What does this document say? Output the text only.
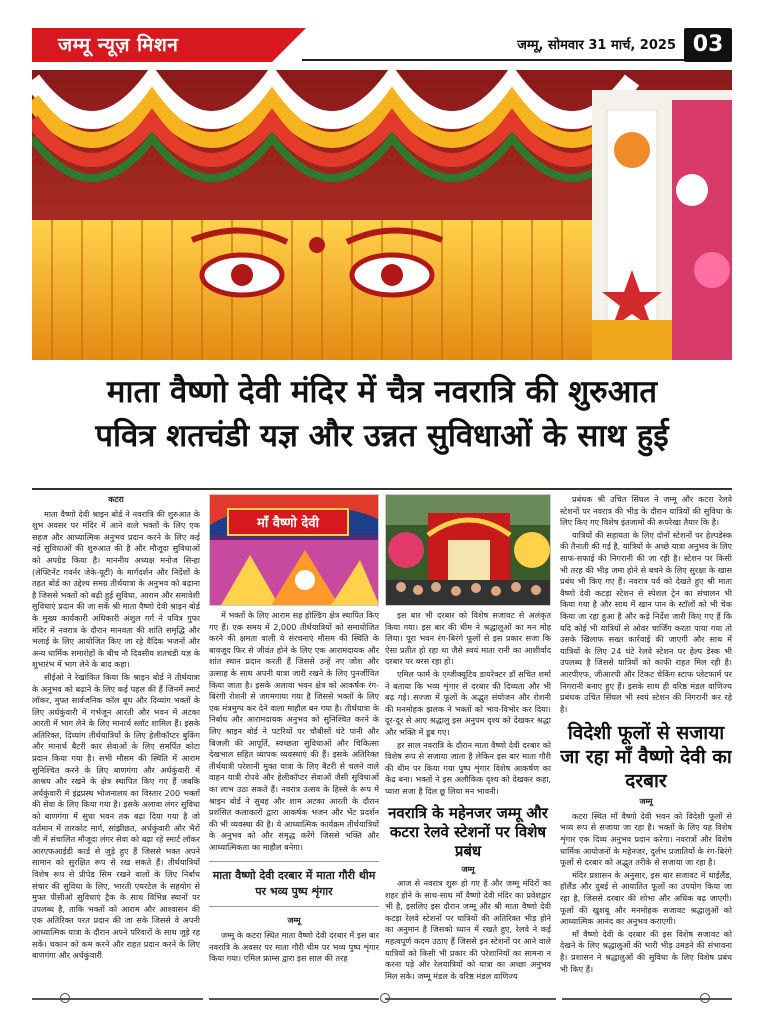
जम्मू न्यूज़ मिशन	जम्मू, सोमवार 31 मार्च, 2025 03
माता वैष्णो देवी मंदिर में चैत्र नवरात्रि की शुरुआत
पवित्र शतचंडी यज्ञ और उन्नत सुविधाओं के साथ हुई
कटरा

माता वैष्णो देवी श्राइन बोर्ड ने नवरात्रि की शुरुआत के शुभ अवसर पर मंदिर में आने वाले भक्तों के लिए एक सहज और आध्यात्मिक अनुभव प्रदान करने के लिए कई नई सुविधाओं की शुरुआत की है और मौजूदा सुविधाओं को अपग्रेड किया है। माननीय अध्यक्ष मनोज सिन्हा (लेफ्टिनेंट गवर्नर जेके-यूटी) के मार्गदर्शन और निर्देशों के तहत बोर्ड का उद्देश्य समग्र तीर्थयात्रा के अनुभव को बढ़ाना है जिससे भक्तों को बढ़ी हुई सुविधा, आराम और समावेशी सुविधाएं प्रदान की जा सकें श्री माता वैष्णो देवी श्राइन बोर्ड के मुख्य कार्यकारी अधिकारी अंशुल गर्ग ने पवित्र गुफा मंदिर में नवरात्र के दौरान मानवता की शांति समृद्धि और भलाई के लिए आयोजित किए जा रहे वैदिक भजनों और अन्य धार्मिक समारोहों के बीच नौ दिवसीय शतचंडी यज्ञ के शुभारंभ में भाग लेने के बाद कहा।

सीईओ ने रेखांकित किया कि श्राइन बोर्ड ने तीर्थयात्रा के अनुभव को बढ़ाने के लिए कई पहल की हैं जिनमें स्मार्ट लॉकर, मुफ्त सार्वजनिक कॉल बूथ और दिव्यांग भक्तों के लिए अर्धकुंवारी में गर्भजून आरती और भवन में अटका आरती में भाग लेने के लिए मानार्थ स्लॉट शामिल हैं। इसके अतिरिक्त, दिव्यांग तीर्थयात्रियों के लिए हेलीकॉप्टर बुकिंग और मानार्थ बैटरी कार सेवाओं के लिए समर्पित कोटा प्रदान किया गया है। सभी मौसम की स्थिति में आराम सुनिश्चित करने के लिए बाणगंगा और अर्धकुंवारी में आश्रय और रखने के क्षेत्र स्थापित किए गए हैं जबकि अर्धकुंवारी में इंद्रप्रस्थ भोजनालय का विस्तार 200 भक्तों की सेवा के लिए किया गया है। इसके अलावा लंगर सुविधा को बाणगंगा में सुधा भवन तक बढ़ा दिया गया है जो वर्तमान में तारकोट मार्ग, सांझीछत, अर्धकुंवारी और भैरों जी में संचालित मौजूदा लंगर सेवा को बढ़ा रहे स्मार्ट लॉकर आरएफआईडी कार्ड से जुड़े हुए हैं जिससे भक्त अपने सामान को सुरक्षित रूप से रख सकते हैं। तीर्थयात्रियों विशेष रूप से प्रीपेड सिम रखने वालों के लिए निर्बाध संचार की सुविधा के लिए, भारती एयरटेल के सहयोग से मुफ्त पीसीओ सुविधाएं ट्रैक के साथ विभिन्न स्थानों पर उपलब्ध है, ताकि भक्तों को आराम और आश्वासन की एक अतिरिक्त परत प्रदान की जा सके जिससे वे अपनी आध्यात्मिक यात्रा के दौरान अपने परिवारों के साथ जुड़े रह सकें। थकान को कम करने और राहत प्रदान करने के लिए बाणगंगा और अर्धकुंवारी

माँ वैष्णो देवी

में भक्तों के लिए आराम सह होल्डिंग क्षेत्र स्थापित किए गए हैं। एक समय में 2,000 तीर्थयात्रियों को समायोजित करने की क्षमता वाली ये संरचनाएं मौसम की स्थिति के बावजूद फिर से जीवंत होने के लिए एक आरामदायक और शांत स्थान प्रदान करती हैं जिससे उन्हें नए जोश और उत्साह के साथ अपनी यात्रा जारी रखने के लिए पुनर्जीवित किया जाता है। इसके अलावा भवन क्षेत्र को आकर्षक रंग-बिरंगी रोशनी से जगमगाया गया है जिससे भक्तों के लिए एक मंत्रमुग्ध कर देने वाला माहौल बन गया है। तीर्थयात्रा के निर्बाध और आरामदायक अनुभव को सुनिश्चित करने के लिए श्राइन बोर्ड ने पटरियों पर चौबीसों घंटे पानी और बिजली की आपूर्ति, स्वच्छता सुविधाओं और चिकित्सा देखभाल सहित व्यापक व्यवस्थाएं की हैं। इसके अतिरिक्त तीर्थयात्री परेशानी मुक्त यात्रा के लिए बैटरी से चलने वाले वाहन यात्री रोपवे और हेलीकॉप्टर सेवाओं जैसी सुविधाओं का लाभ उठा सकते हैं। नवरात्र उत्सव के हिस्से के रूप में श्राइन बोर्ड ने सुबह और शाम अटका आरती के दौरान प्रशंसित कलाकारों द्वारा आकर्षक भजन और भेंट प्रदर्शन की भी व्यवस्था की है। ये आध्यात्मिक कार्यक्रम तीर्थयात्रियों के अनुभव को और समृद्ध करेंगे जिससे भक्ति और आध्यात्मिकता का माहौल बनेगा।

माता वैष्णो देवी दरबार में माता गौरी थीम पर भव्य पुष्प शृंगार
जम्मू

जम्मू के कटरा स्थित माता वैष्णो देवी दरबार में इस बार नवरात्रि के अवसर पर माता गौरी थीम पर भव्य पुष्प शृंगार किया गया। एमिल फ्राम्स द्वारा इस साल की तरह

इस बार भी दरबार को विशेष सजावट से अलंकृत किया गया। इस बार की थीम ने श्रद्धालुओं का मन मोह लिया। पूरा भवन रंग-बिरंगे फूलों से इस प्रकार सजा कि ऐसा प्रतीत हो रहा था जैसे स्वयं माता रानी का आशीर्वाद दरबार पर बरस रहा हो।

एमिल फार्म के एग्जीक्यूटिव डायरेक्टर डॉ सचित शर्मा ने बताया कि भव्य शृंगार से दरबार की दिव्यता और भी बढ़ गई। सज्जा में फूलों के अद्भुत संयोजन और रोशनी की मनमोहक झलक ने भक्तों को भाव-विभोर कर दिया। दूर-दूर से आए श्रद्धालु इस अनुपम दृश्य को देखकर श्रद्धा और भक्ति में डूब गए।

हर साल नवरात्रि के दौरान माता वैष्णो देवी दरबार को विशेष रूप से सजाया जाता है लेकिन इस बार माता गौरी की थीम पर किया गया पुष्प शृंगार विशेष आकर्षण का केंद्र बना। भक्तों ने इस अलौकिक दृश्य को देखकर कहा, प्यारा सजा है दिल छू लिया मन भावनी।

नवरात्रि के महेनजर जम्मू और कटरा रेलवे स्टेशनों पर विशेष प्रबंध
जम्मू

आज से नवरात्र शुरू हो गए हैं और जम्मू मंदिरों का शहर होने के साथ-साथ माँ वैष्णो देवी मंदिर का प्रवेशद्वार भी है, इसलिए इस दौरान जम्मू और श्री माता वैष्णो देवी कटड़ा रेलवे स्टेशनों पर यात्रियों की अतिरिक्त भीड़ होने का अनुमान है जिसको ध्यान में रखते हुए, रेलवे ने कई महत्वपूर्ण कदम उठाए हैं जिससे इन स्टेशनों पर आने वाले यात्रियों को किसी भी प्रकार की परेशानियों का सामना न करना पड़े और रेलयात्रियों को यात्रा का अच्छा अनुभव मिल सके। जम्मू मंडल के वरिष्ठ मंडल वाणिज्य

प्रबंधक श्री उचित सिंघल ने जम्मू और कटरा रेलवे स्टेशनों पर नवरात्र की भीड़ के दौरान यात्रियों की सुविधा के लिए किए गए विशेष इंतजामों की रूपरेखा तैयार कि है।

यात्रियों की सहायता के लिए दोनों स्टेशनों पर हेल्पडेस्क की तैनाती की गई है, यात्रियों के अच्छे यात्रा अनुभव के लिए साफ-सफाई की निगरानी की जा रही है। स्टेशन पर किसी भी तरह की भीड़ जमा होने से बचने के लिए सुरक्षा के खास प्रबंध भी किए गए हैं। नवरात्र पर्व को देखते हुए श्री माता वैष्णो देवी कटड़ा स्टेशन से स्पेशल ट्रेन का संचालन भी किया गया है और साथ में खान पान के स्टॉलों को भी चेक किया जा रहा हुआ है और कड़े निर्देश जारी किए गए हैं कि यदि कोई भी यात्रियों से ओवर चार्जिंग करता पाया गया तो उसके खिलाफ सख्त कार्रवाई की जाएगी और साथ में यात्रियों के लिए 24 घंटे रेलवे स्टेशन पर हेल्प डेस्क भी उपलब्ध है जिससे यात्रियों को काफी राहत मिल रही है। आरपीएफ, जीआरपी और टिकट चेकिंग स्टाफ प्लेटफार्म पर निगरानी बनाए हुए हैं। इसके साथ ही वरिष्ठ मंडल वाणिज्य प्रबंधक उचित सिंघल भी स्वयं स्टेशन की निगरानी कर रहे है।

विदेशी फूलों से सजाया जा रहा माँ वैष्णो देवी का दरबार
जम्मू

कटरा स्थित माँ वैष्णो देवी भवन को विदेशी फूलों से भव्य रूप से सजाया जा रहा है। भक्तों के लिए यह विशेष शृंगार एक दिव्य अनुभव प्रदान करेगा। नवरात्रों और विशेष धार्मिक आयोजनों के महेनजर, दुर्लभ प्रजातियों के रंग-बिरंगे फूलों से दरबार को अद्भुत तरीके से सजाया जा रहा है।

मंदिर प्रशासन के अनुसार, इस बार सजावट में थाईलैंड, हॉलैंड और दुबई से आयातित फूलों का उपयोग किया जा रहा है, जिससे दरबार की शोभा और अधिक बढ़ जाएगी। फूलों की खुशबू और मनमोहक सजावट श्रद्धालुओं को आध्यात्मिक आनंद का अनुभव कराएगी।

माँ वैष्णो देवी के दरबार की इस विशेष सजावट को देखने के लिए श्रद्धालुओं की भारी भीड़ उमड़ने की संभावना है। प्रशासन ने श्रद्धालुओं की सुविधा के लिए विशेष प्रबंध भी किए हैं।
